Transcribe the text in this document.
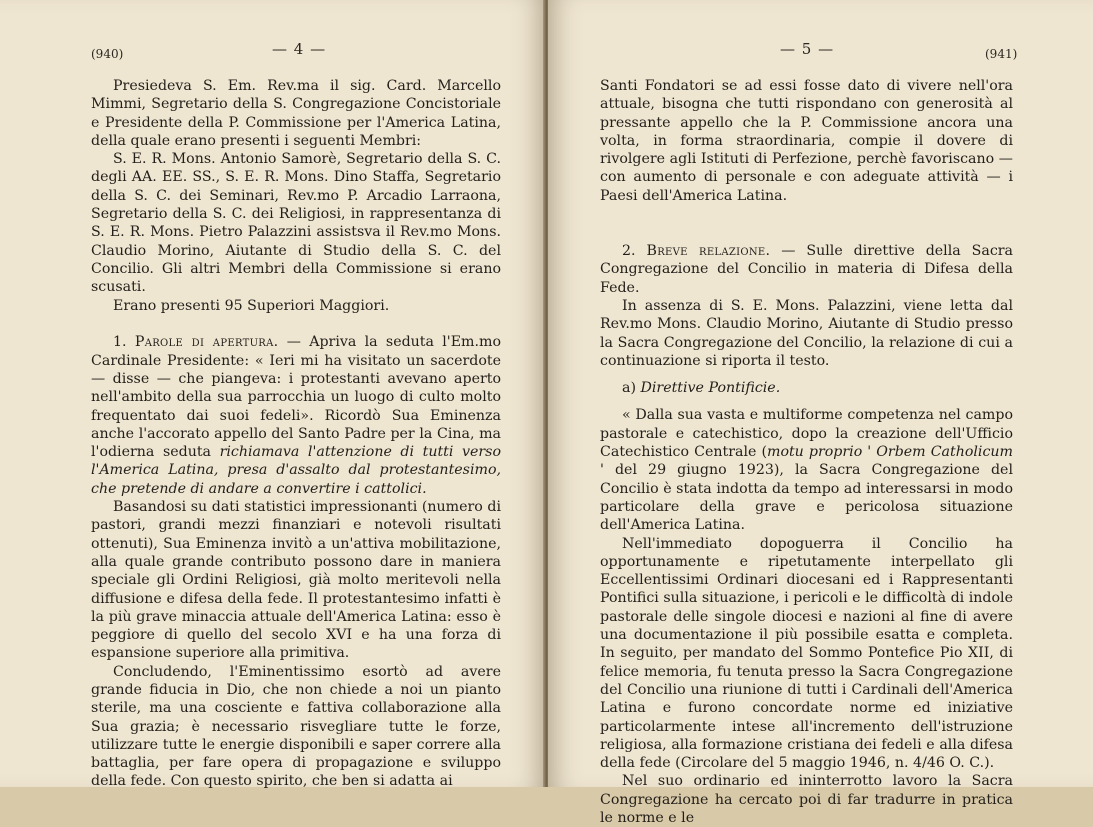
(940)	— 4 —

Presiedeva S. Em. Rev.ma il sig. Card. Marcello Mimmi, Segretario della S. Congregazione Concistoriale e Presidente della P. Commissione per l'America Latina, della quale erano presenti i seguenti Membri:

S. E. R. Mons. Antonio Samorè, Segretario della S. C. degli AA. EE. SS., S. E. R. Mons. Dino Staffa, Segretario della S. C. dei Seminari, Rev.mo P. Arcadio Larraona, Segretario della S. C. dei Religiosi, in rappresentanza di S. E. R. Mons. Pietro Palazzini assistsva il Rev.mo Mons. Claudio Morino, Aiutante di Studio della S. C. del Concilio. Gli altri Membri della Commissione si erano scusati.

Erano presenti 95 Superiori Maggiori.

1. Parole di apertura. — Apriva la seduta l'Em.mo Cardinale Presidente: « Ieri mi ha visitato un sacerdote — disse — che piangeva: i protestanti avevano aperto nell'ambito della sua parrocchia un luogo di culto molto frequentato dai suoi fedeli». Ricordò Sua Eminenza anche l'accorato appello del Santo Padre per la Cina, ma l'odierna seduta richiamava l'attenzione di tutti verso l'America Latina, presa d'assalto dal protestantesimo, che pretende di andare a convertire i cattolici.

Basandosi su dati statistici impressionanti (numero di pastori, grandi mezzi finanziari e notevoli risultati ottenuti), Sua Eminenza invitò a un'attiva mobilitazione, alla quale grande contributo possono dare in maniera speciale gli Ordini Religiosi, già molto meritevoli nella diffusione e difesa della fede. Il protestantesimo infatti è la più grave minaccia attuale dell'America Latina: esso è peggiore di quello del secolo XVI e ha una forza di espansione superiore alla primitiva.

Concludendo, l'Eminentissimo esortò ad avere grande fiducia in Dio, che non chiede a noi un pianto sterile, ma una cosciente e fattiva collaborazione alla Sua grazia; è necessario risvegliare tutte le forze, utilizzare tutte le energie disponibili e saper correre alla battaglia, per fare opera di propagazione e sviluppo della fede. Con questo spirito, che ben si adatta ai

— 5 —	(941)

Santi Fondatori se ad essi fosse dato di vivere nell'ora attuale, bisogna che tutti rispondano con generosità al pressante appello che la P. Commissione ancora una volta, in forma straordinaria, compie il dovere di rivolgere agli Istituti di Perfezione, perchè favoriscano — con aumento di personale e con adeguate attività — i Paesi dell'America Latina.

2. Breve relazione. — Sulle direttive della Sacra Congregazione del Concilio in materia di Difesa della Fede.

In assenza di S. E. Mons. Palazzini, viene letta dal Rev.mo Mons. Claudio Morino, Aiutante di Studio presso la Sacra Congregazione del Concilio, la relazione di cui a continuazione si riporta il testo.

a) Direttive Pontificie.

« Dalla sua vasta e multiforme competenza nel campo pastorale e catechistico, dopo la creazione dell'Ufficio Catechistico Centrale (motu proprio ' Orbem Catholicum ' del 29 giugno 1923), la Sacra Congregazione del Concilio è stata indotta da tempo ad interessarsi in modo particolare della grave e pericolosa situazione dell'America Latina.

Nell'immediato dopoguerra il Concilio ha opportunamente e ripetutamente interpellato gli Eccellentissimi Ordinari diocesani ed i Rappresentanti Pontifici sulla situazione, i pericoli e le difficoltà di indole pastorale delle singole diocesi e nazioni al fine di avere una documentazione il più possibile esatta e completa. In seguito, per mandato del Sommo Pontefice Pio XII, di felice memoria, fu tenuta presso la Sacra Congregazione del Concilio una riunione di tutti i Cardinali dell'America Latina e furono concordate norme ed iniziative particolarmente intese all'incremento dell'istruzione religiosa, alla formazione cristiana dei fedeli e alla difesa della fede (Circolare del 5 maggio 1946, n. 4/46 O. C.).

Nel suo ordinario ed ininterrotto lavoro la Sacra Congregazione ha cercato poi di far tradurre in pratica le norme e le
